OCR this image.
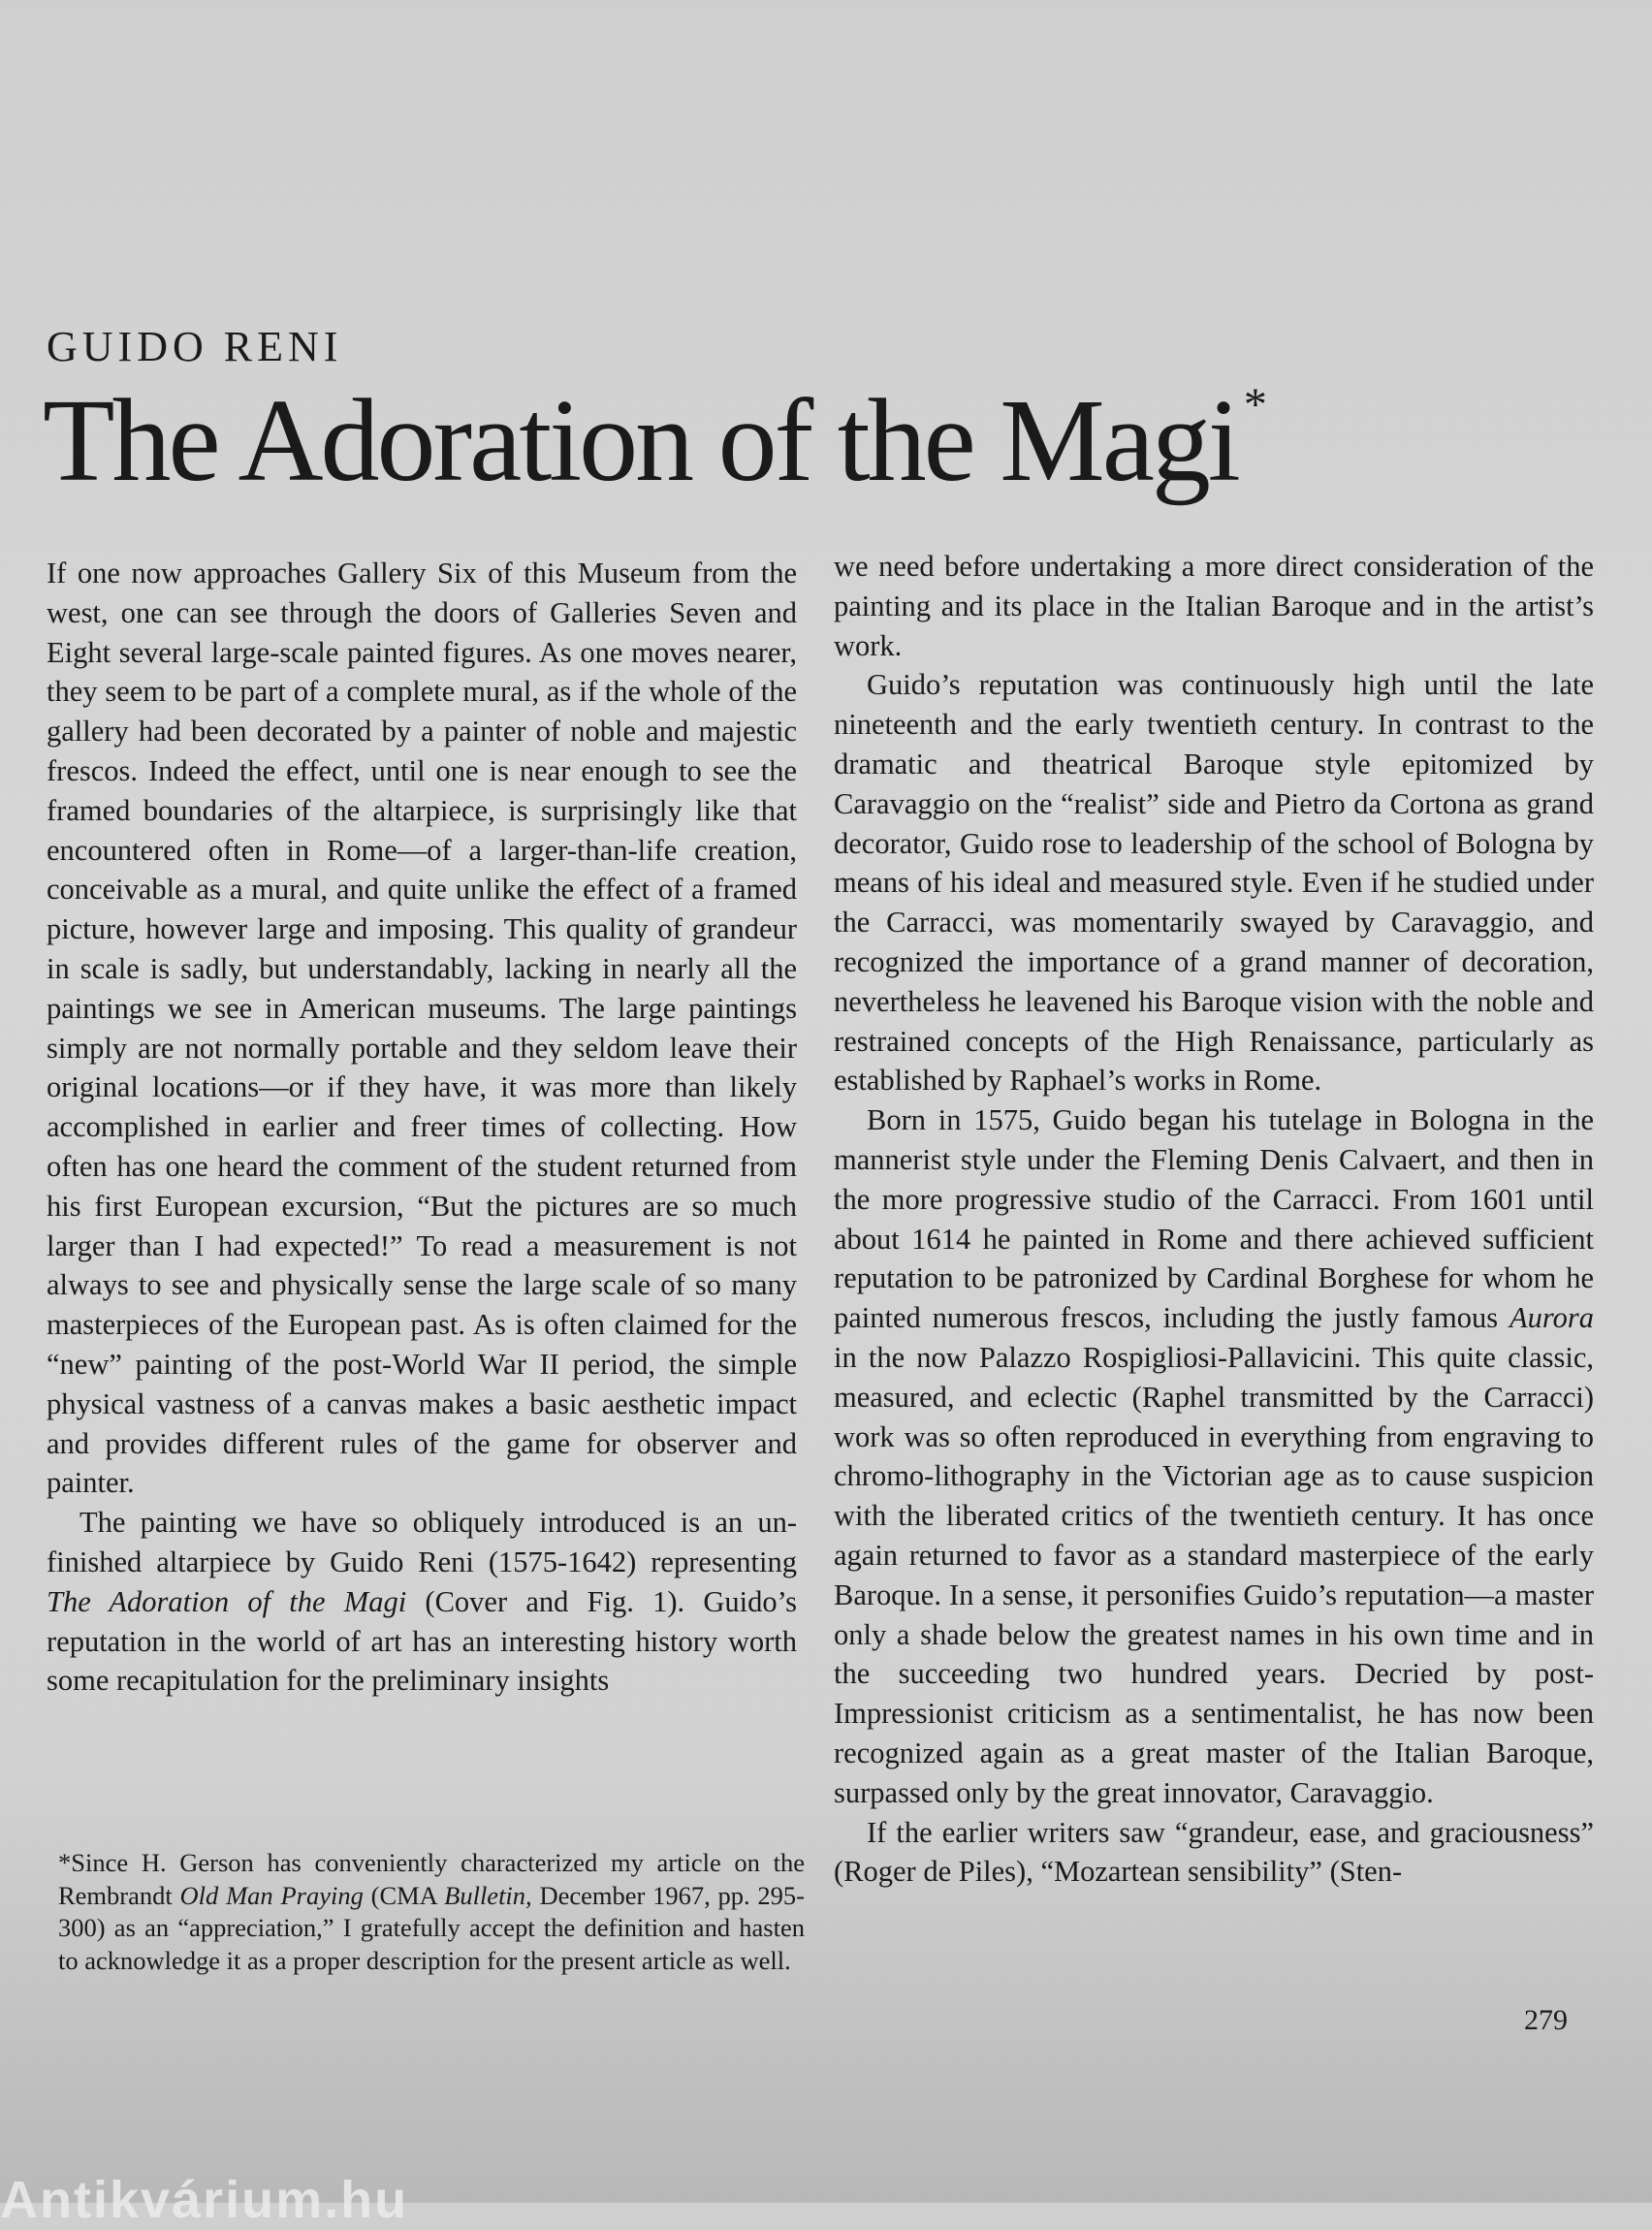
GUIDO RENI
The Adoration of the Magi *

If one now approaches Gallery Six of this Museum from the west, one can see through the doors of Galleries Seven and Eight several large-scale painted figures. As one moves nearer, they seem to be part of a complete mural, as if the whole of the gallery had been decorated by a painter of noble and majestic frescos. Indeed the effect, until one is near enough to see the framed boundaries of the altarpiece, is surprisingly like that encountered often in Rome—of a larger-than-life creation, conceivable as a mural, and quite unlike the effect of a framed picture, however large and imposing. This quality of grandeur in scale is sadly, but understandably, lacking in nearly all the paintings we see in American museums. The large paintings simply are not normally portable and they seldom leave their original locations—or if they have, it was more than likely accomplished in earlier and freer times of collecting. How often has one heard the comment of the student returned from his first European excursion, “But the pictures are so much larger than I had expected!” To read a measurement is not always to see and physically sense the large scale of so many masterpieces of the European past. As is often claimed for the “new” painting of the post-World War II period, the simple physical vastness of a canvas makes a basic aesthetic impact and provides different rules of the game for observer and painter.

The painting we have so obliquely introduced is an unfinished altarpiece by Guido Reni (1575-1642) representing The Adoration of the Magi (Cover and Fig. 1). Guido’s reputation in the world of art has an interesting history worth some recapitulation for the preliminary insights

*Since H. Gerson has conveniently characterized my article on the Rembrandt Old Man Praying (CMA Bulletin, December 1967, pp. 295-300) as an “appreciation,” I gratefully accept the definition and hasten to acknowledge it as a proper description for the present article as well.

we need before undertaking a more direct consideration of the painting and its place in the Italian Baroque and in the artist’s work.

Guido’s reputation was continuously high until the late nineteenth and the early twentieth century. In contrast to the dramatic and theatrical Baroque style epitomized by Caravaggio on the “realist” side and Pietro da Cortona as grand decorator, Guido rose to leadership of the school of Bologna by means of his ideal and measured style. Even if he studied under the Carracci, was momentarily swayed by Caravaggio, and recognized the importance of a grand manner of decoration, nevertheless he leavened his Baroque vision with the noble and restrained concepts of the High Renaissance, particularly as established by Raphael’s works in Rome.

Born in 1575, Guido began his tutelage in Bologna in the mannerist style under the Fleming Denis Calvaert, and then in the more progressive studio of the Carracci. From 1601 until about 1614 he painted in Rome and there achieved sufficient reputation to be patronized by Cardinal Borghese for whom he painted numerous frescos, including the justly famous Aurora in the now Palazzo Rospigliosi-Pallavicini. This quite classic, measured, and eclectic (Raphel transmitted by the Carracci) work was so often reproduced in everything from engraving to chromo-lithography in the Victorian age as to cause suspicion with the liberated critics of the twentieth century. It has once again returned to favor as a standard masterpiece of the early Baroque. In a sense, it personifies Guido’s reputation—a master only a shade below the greatest names in his own time and in the succeeding two hundred years. Decried by post-Impressionist criticism as a sentimentalist, he has now been recognized again as a great master of the Italian Baroque, surpassed only by the great innovator, Caravaggio.

If the earlier writers saw “grandeur, ease, and graciousness” (Roger de Piles), “Mozartean sensibility” (Sten-

279
Antikvárium.hu
